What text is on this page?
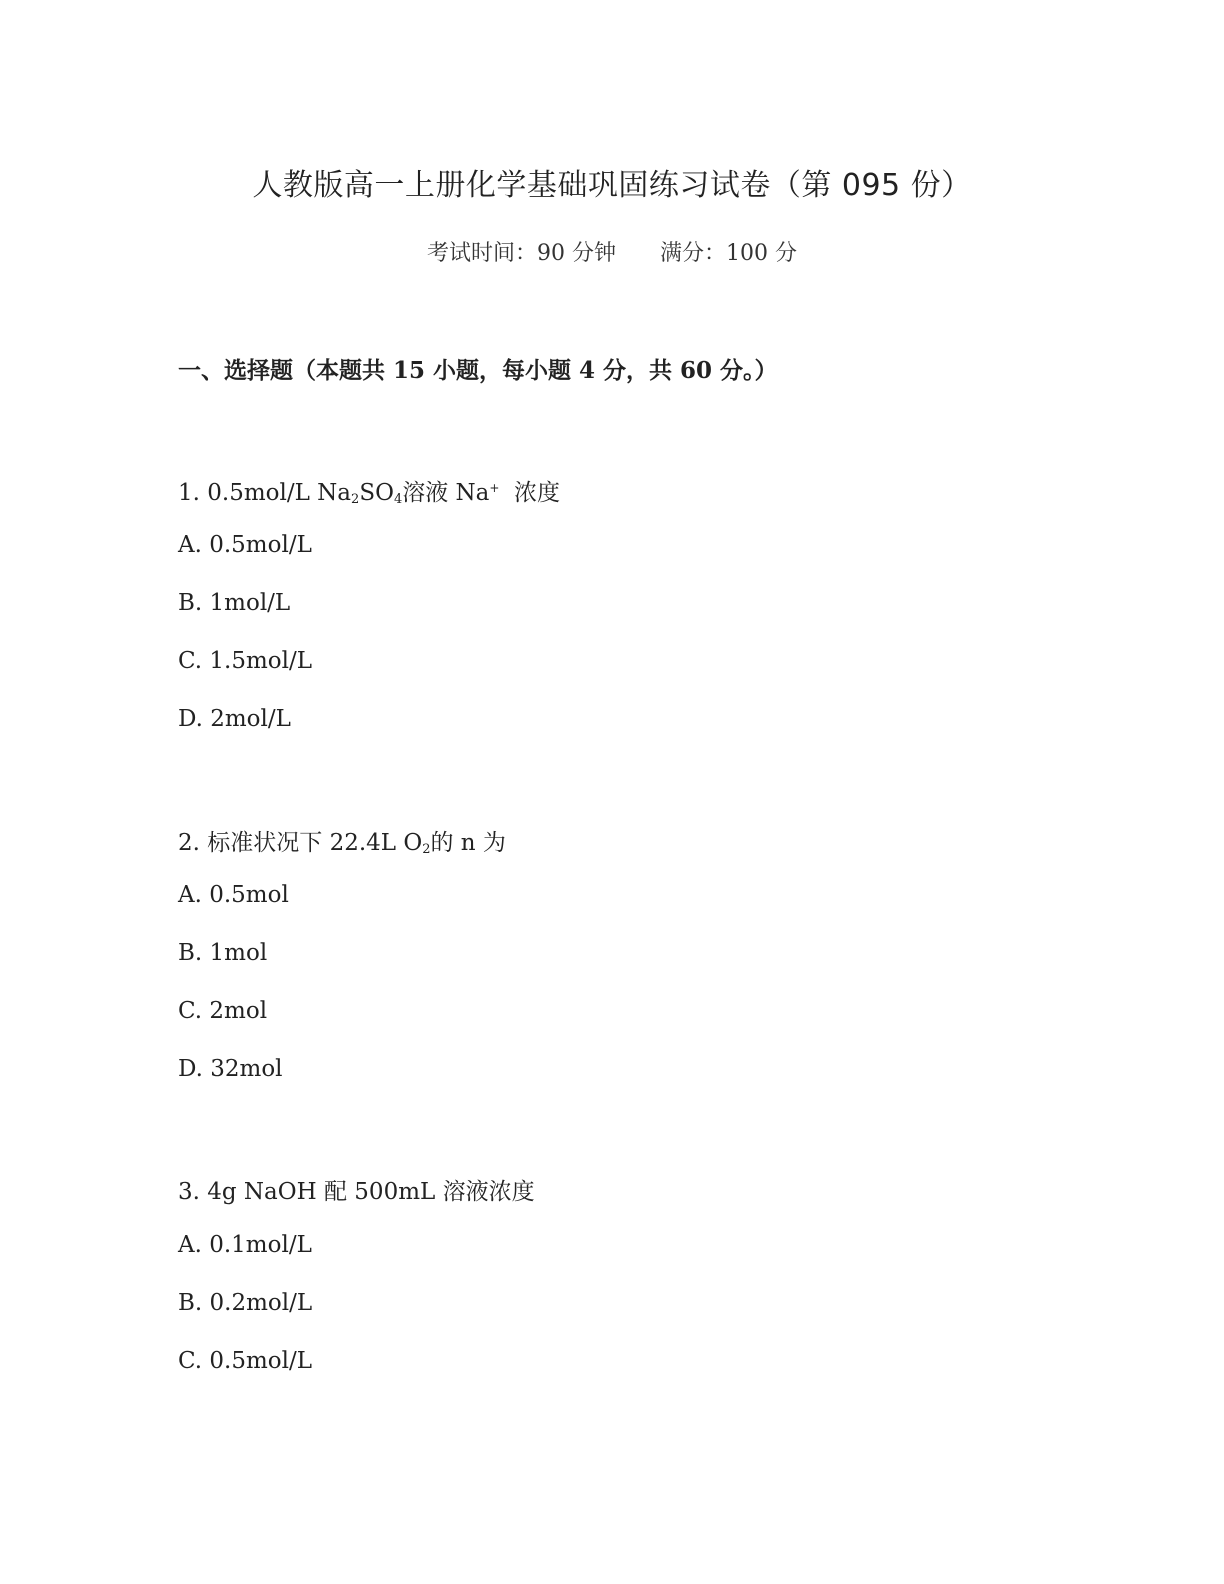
人教版高一上册化学基础巩固练习试卷（第 095 份）
考试时间：90 分钟 满分：100 分
一、选择题（本题共 15 小题，每小题 4 分，共 60 分。）
1. 0.5mol/L $Na_2SO_4$溶液 Na+  浓度
A. 0.5mol/L
B. 1mol/L
C. 1.5mol/L
D. 2mol/L
2. 标准状况下 22.4L $O_2$的 n 为
A. 0.5mol
B. 1mol
C. 2mol
D. 32mol
3. 4g NaOH 配 500mL 溶液浓度
A. 0.1mol/L
B. 0.2mol/L
C. 0.5mol/L
